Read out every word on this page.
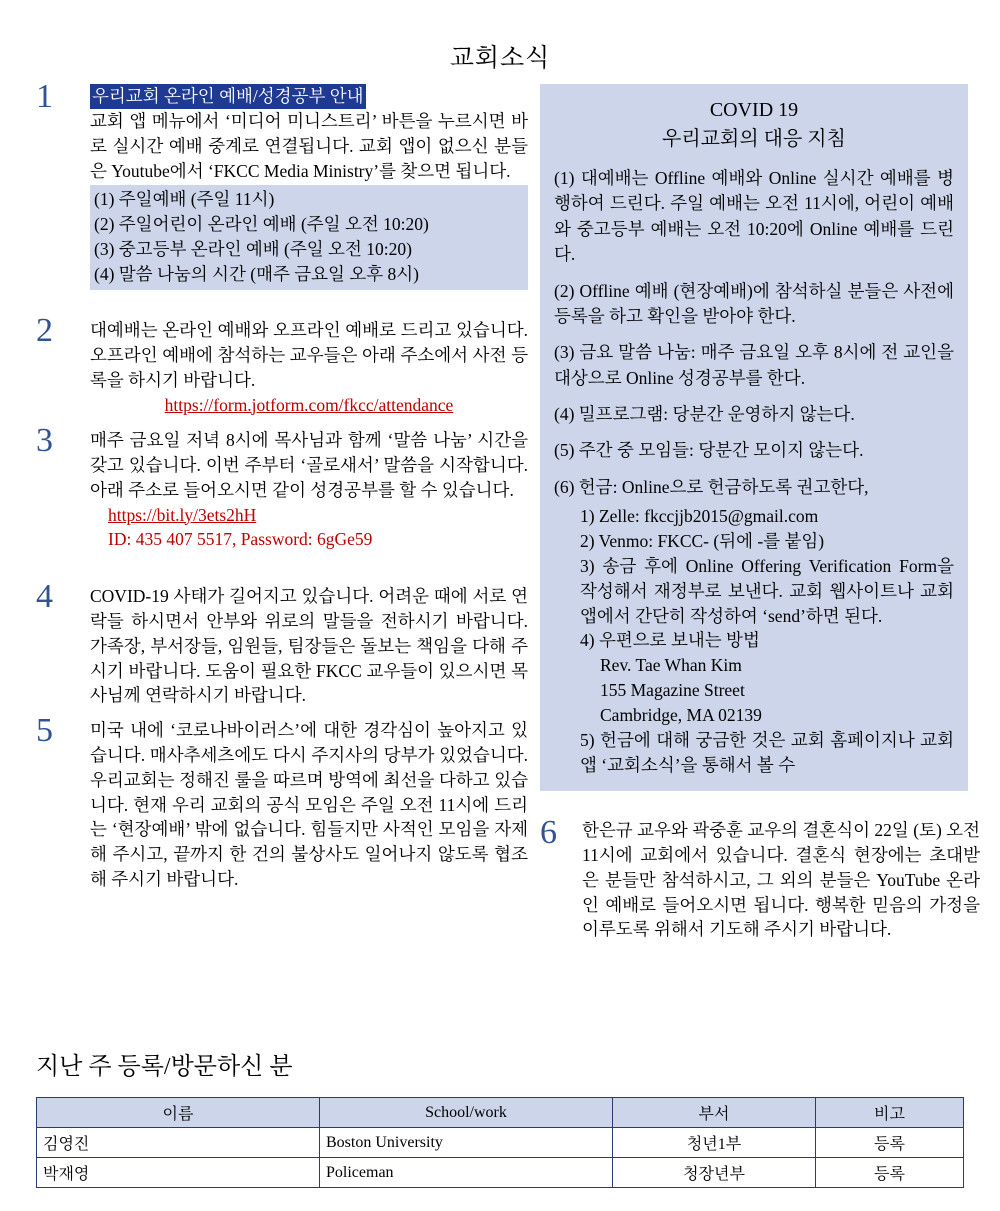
교회소식
1	우리교회 온라인 예배/성경공부 안내
교회 앱 메뉴에서 ‘미디어 미니스트리’ 바튼을 누르시면 바로 실시간 예배 중계로 연결됩니다. 교회 앱이 없으신 분들은 Youtube에서 ‘FKCC Media Ministry’를 찾으면 됩니다.
(1) 주일예배 (주일 11시)
(2) 주일어린이 온라인 예배 (주일 오전 10:20)
(3) 중고등부 온라인 예배 (주일 오전 10:20)
(4) 말씀 나눔의 시간 (매주 금요일 오후 8시)
2	대예배는 온라인 예배와 오프라인 예배로 드리고 있습니다. 오프라인 예배에 참석하는 교우들은 아래 주소에서 사전 등록을 하시기 바랍니다.
https://form.jotform.com/fkcc/attendance
3	매주 금요일 저녁 8시에 목사님과 함께 ‘말씀 나눔’ 시간을 갖고 있습니다. 이번 주부터 ‘골로새서’ 말씀을 시작합니다. 아래 주소로 들어오시면 같이 성경공부를 할 수 있습니다.
https://bit.ly/3ets2hH
ID: 435 407 5517, Password: 6gGe59
4	COVID-19 사태가 길어지고 있습니다. 어려운 때에 서로 연락들 하시면서 안부와 위로의 말들을 전하시기 바랍니다. 가족장, 부서장들, 임원들, 팀장들은 돌보는 책임을 다해 주시기 바랍니다. 도움이 필요한 FKCC 교우들이 있으시면 목사님께 연락하시기 바랍니다.
5	미국 내에 ‘코로나바이러스’에 대한 경각심이 높아지고 있습니다. 매사추세츠에도 다시 주지사의 당부가 있었습니다. 우리교회는 정해진 룰을 따르며 방역에 최선을 다하고 있습니다. 현재 우리 교회의 공식 모임은 주일 오전 11시에 드리는 ‘현장예배’ 밖에 없습니다. 힘들지만 사적인 모임을 자제해 주시고, 끝까지 한 건의 불상사도 일어나지 않도록 협조해 주시기 바랍니다.
COVID 19
우리교회의 대응 지침
(1) 대예배는 Offline 예배와 Online 실시간 예배를 병행하여 드린다. 주일 예배는 오전 11시에, 어린이 예배와 중고등부 예배는 오전 10:20에 Online 예배를 드린다.
(2) Offline 예배 (현장예배)에 참석하실 분들은 사전에 등록을 하고 확인을 받아야 한다.
(3) 금요 말씀 나눔: 매주 금요일 오후 8시에 전 교인을 대상으로 Online 성경공부를 한다.
(4) 밀프로그램: 당분간 운영하지 않는다.
(5) 주간 중 모임들: 당분간 모이지 않는다.
(6) 헌금: Online으로 헌금하도록 권고한다,
1) Zelle: fkccjjb2015@gmail.com
2) Venmo: FKCC- (뒤에 -를 붙임)
3) 송금 후에 Online Offering Verification Form을 작성해서 재정부로 보낸다. 교회 웹사이트나 교회 앱에서 간단히 작성하여 ‘send’하면 된다.
4) 우편으로 보내는 방법
Rev. Tae Whan Kim
155 Magazine Street
Cambridge, MA 02139
5) 헌금에 대해 궁금한 것은 교회 홈페이지나 교회 앱 ‘교회소식’을 통해서 볼 수
6 한은규 교우와 곽중훈 교우의 결혼식이 22일 (토) 오전 11시에 교회에서 있습니다. 결혼식 현장에는 초대받은 분들만 참석하시고, 그 외의 분들은 YouTube 온라인 예배로 들어오시면 됩니다. 행복한 믿음의 가정을 이루도록 위해서 기도해 주시기 바랍니다.
지난 주 등록/방문하신 분
이름	School/work	부서	비고
김영진	Boston University	청년1부	등록
박재영	Policeman	청장년부	등록
